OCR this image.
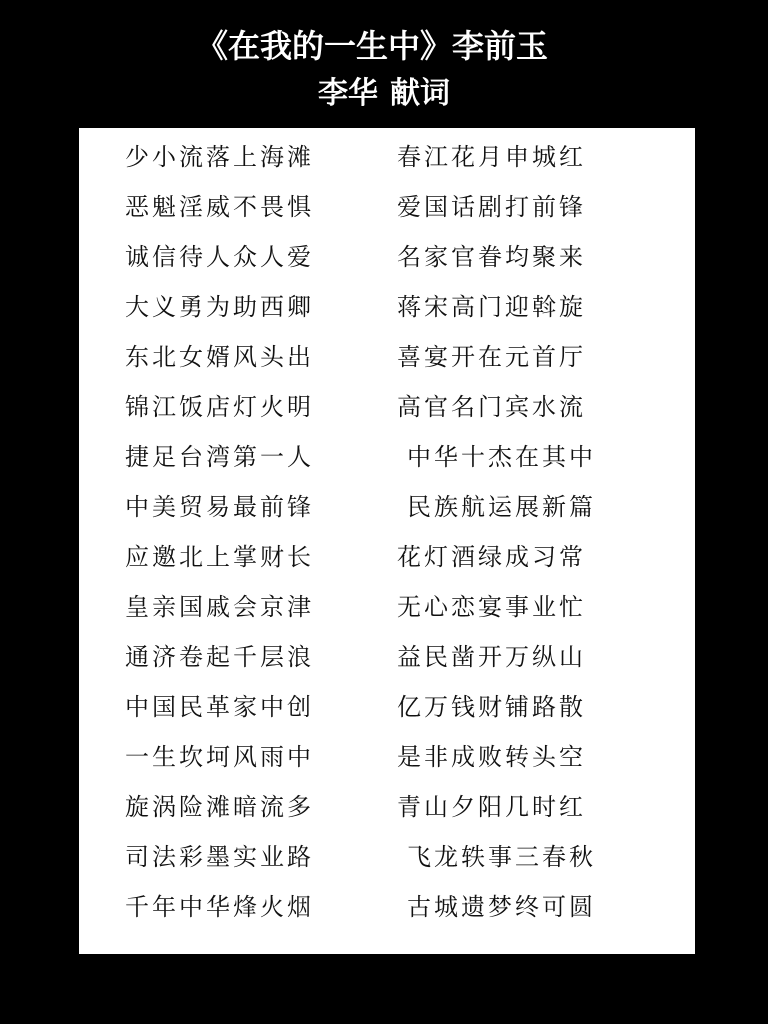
《在我的一生中》李前玉
李华 献词
少小流落上海滩	春江花月申城红
恶魁淫威不畏惧	爱国话剧打前锋
诚信待人众人爱	名家官眷均聚来
大义勇为助西卿	蒋宋高门迎斡旋
东北女婿风头出	喜宴开在元首厅
锦江饭店灯火明	高官名门宾水流
捷足台湾第一人	中华十杰在其中
中美贸易最前锋	民族航运展新篇
应邀北上掌财长	花灯酒绿成习常
皇亲国戚会京津	无心恋宴事业忙
通济卷起千层浪	益民凿开万纵山
中国民革家中创	亿万钱财铺路散
一生坎坷风雨中	是非成败转头空
旋涡险滩暗流多	青山夕阳几时红
司法彩墨实业路	飞龙轶事三春秋
千年中华烽火烟	古城遗梦终可圆
